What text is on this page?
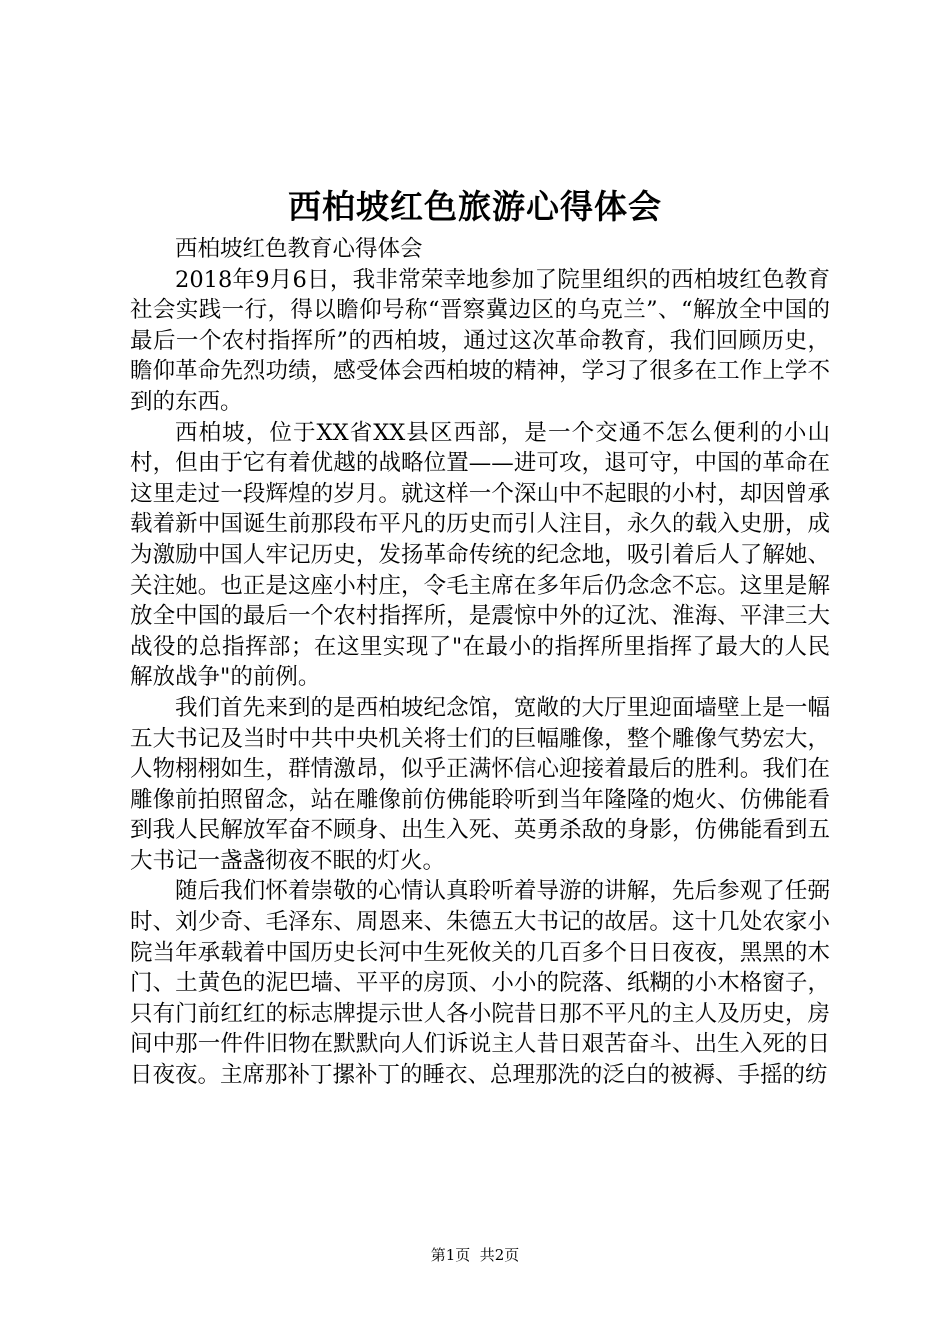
西柏坡红色旅游心得体会

西柏坡红色教育心得体会

2018年9月6日，我非常荣幸地参加了院里组织的西柏坡红色教育社会实践一行，得以瞻仰号称“晋察冀边区的乌克兰”、“解放全中国的最后一个农村指挥所”的西柏坡，通过这次革命教育，我们回顾历史，瞻仰革命先烈功绩，感受体会西柏坡的精神，学习了很多在工作上学不到的东西。

西柏坡，位于XX省XX县区西部，是一个交通不怎么便利的小山村，但由于它有着优越的战略位置——进可攻，退可守，中国的革命在这里走过一段辉煌的岁月。就这样一个深山中不起眼的小村，却因曾承载着新中国诞生前那段布平凡的历史而引人注目，永久的载入史册，成为激励中国人牢记历史，发扬革命传统的纪念地，吸引着后人了解她、关注她。也正是这座小村庄，令毛主席在多年后仍念念不忘。这里是解放全中国的最后一个农村指挥所，是震惊中外的辽沈、淮海、平津三大战役的总指挥部；在这里实现了"在最小的指挥所里指挥了最大的人民解放战争"的前例。

我们首先来到的是西柏坡纪念馆，宽敞的大厅里迎面墙壁上是一幅五大书记及当时中共中央机关将士们的巨幅雕像，整个雕像气势宏大，人物栩栩如生，群情激昂，似乎正满怀信心迎接着最后的胜利。我们在雕像前拍照留念，站在雕像前仿佛能聆听到当年隆隆的炮火、仿佛能看到我人民解放军奋不顾身、出生入死、英勇杀敌的身影，仿佛能看到五大书记一盏盏彻夜不眠的灯火。

随后我们怀着崇敬的心情认真聆听着导游的讲解，先后参观了任弼时、刘少奇、毛泽东、周恩来、朱德五大书记的故居。这十几处农家小院当年承载着中国历史长河中生死攸关的几百多个日日夜夜，黑黑的木门、土黄色的泥巴墙、平平的房顶、小小的院落、纸糊的小木格窗子，只有门前红红的标志牌提示世人各小院昔日那不平凡的主人及历史，房间中那一件件旧物在默默向人们诉说主人昔日艰苦奋斗、出生入死的日日夜夜。主席那补丁摞补丁的睡衣、总理那洗的泛白的被褥、手摇的纺

第1页  共2页
